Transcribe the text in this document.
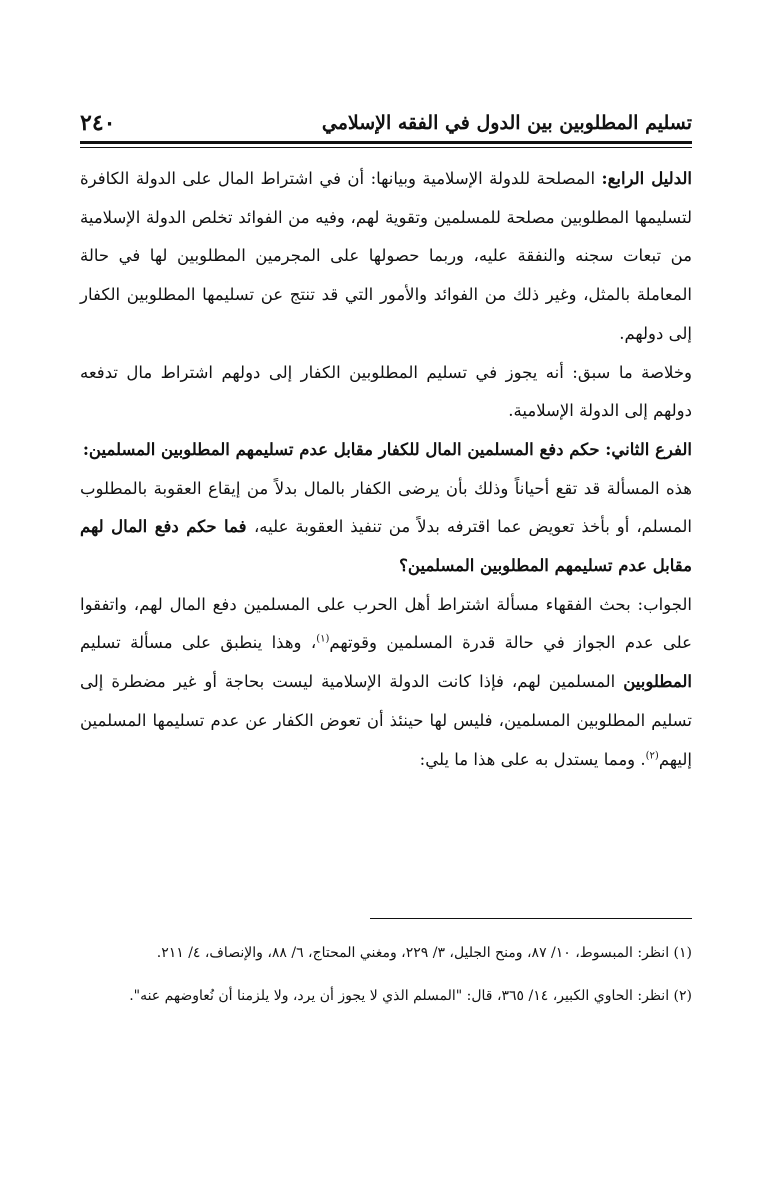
تسليم المطلوبين بين الدول في الفقه الإسلامي
٢٤٠

الدليل الرابع: المصلحة للدولة الإسلامية وبيانها: أن في اشتراط المال على الدولة الكافرة لتسليمها المطلوبين مصلحة للمسلمين وتقوية لهم، وفيه من الفوائد تخلص الدولة الإسلامية من تبعات سجنه والنفقة عليه، وربما حصولها على المجرمين المطلوبين لها في حالة المعاملة بالمثل، وغير ذلك من الفوائد والأمور التي قد تنتج عن تسليمها المطلوبين الكفار إلى دولهم.

وخلاصة ما سبق: أنه يجوز في تسليم المطلوبين الكفار إلى دولهم اشتراط مال تدفعه دولهم إلى الدولة الإسلامية.

الفرع الثاني: حكم دفع المسلمين المال للكفار مقابل عدم تسليمهم المطلوبين المسلمين:

هذه المسألة قد تقع أحياناً وذلك بأن يرضى الكفار بالمال بدلاً من إيقاع العقوبة بالمطلوب المسلم، أو بأخذ تعويض عما اقترفه بدلاً من تنفيذ العقوبة عليه، فما حكم دفع المال لهم مقابل عدم تسليمهم المطلوبين المسلمين؟

الجواب: بحث الفقهاء مسألة اشتراط أهل الحرب على المسلمين دفع المال لهم، واتفقوا على عدم الجواز في حالة قدرة المسلمين وقوتهم$^{(١)}$، وهذا ينطبق على مسألة تسليم المطلوبين المسلمين لهم، فإذا كانت الدولة الإسلامية ليست بحاجة أو غير مضطرة إلى تسليم المطلوبين المسلمين، فليس لها حينئذ أن تعوض الكفار عن عدم تسليمها المسلمين إليهم$^{(٢)}$. ومما يستدل به على هذا ما يلي:

(١) انظر: المبسوط، ١٠/ ٨٧، ومنح الجليل، ٣/ ٢٢٩، ومغني المحتاج، ٦/ ٨٨، والإنصاف، ٤/ ٢١١.

(٢) انظر: الحاوي الكبير، ١٤/ ٣٦٥، قال: "المسلم الذي لا يجوز أن يرد، ولا يلزمنا أن نُعاوضهم عنه".
